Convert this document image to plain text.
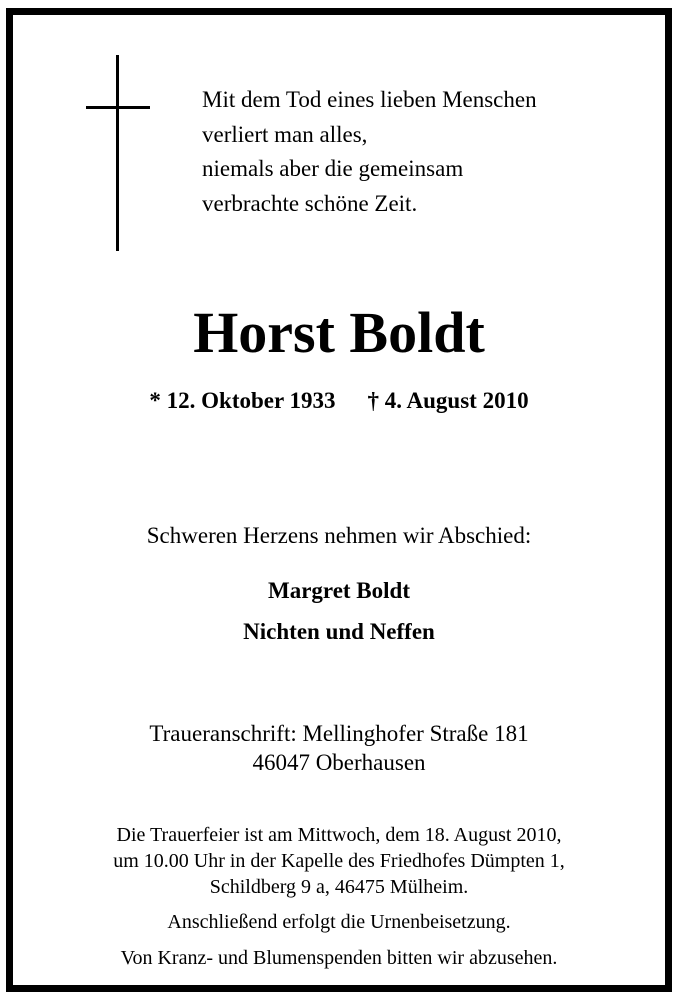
Mit dem Tod eines lieben Menschen
verliert man alles,
niemals aber die gemeinsam
verbrachte schöne Zeit.
Horst Boldt
* 12. Oktober 1933 † 4. August 2010
Schweren Herzens nehmen wir Abschied:
Margret Boldt
Nichten und Neffen
Traueranschrift: Mellinghofer Straße 181
46047 Oberhausen
Die Trauerfeier ist am Mittwoch, dem 18. August 2010,
um 10.00 Uhr in der Kapelle des Friedhofes Dümpten 1,
Schildberg 9 a, 46475 Mülheim.
Anschließend erfolgt die Urnenbeisetzung.
Von Kranz- und Blumenspenden bitten wir abzusehen.
